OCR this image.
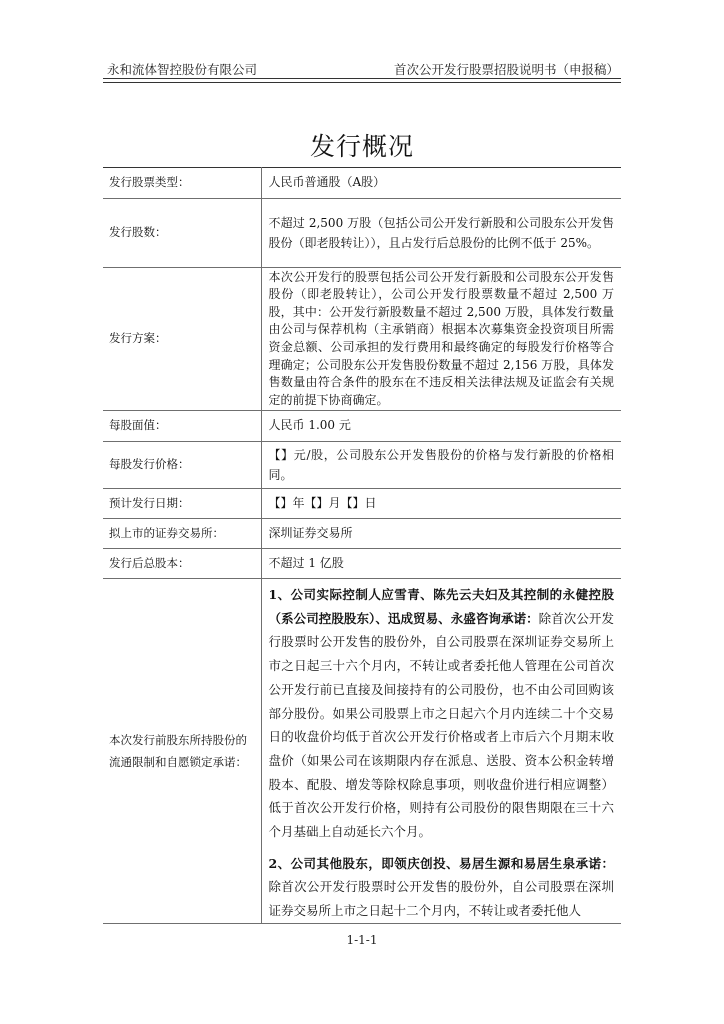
永和流体智控股份有限公司	首次公开发行股票招股说明书（申报稿）
发行概况
发行股票类型：	人民币普通股（A股）
发行股数：	不超过 2,500 万股（包括公司公开发行新股和公司股东公开发售股份（即老股转让）），且占发行后总股份的比例不低于 25%。
发行方案：	本次公开发行的股票包括公司公开发行新股和公司股东公开发售股份（即老股转让），公司公开发行股票数量不超过 2,500 万股，其中：公开发行新股数量不超过 2,500 万股，具体发行数量由公司与保荐机构（主承销商）根据本次募集资金投资项目所需资金总额、公司承担的发行费用和最终确定的每股发行价格等合理确定；公司股东公开发售股份数量不超过 2,156 万股，具体发售数量由符合条件的股东在不违反相关法律法规及证监会有关规定的前提下协商确定。
每股面值：	人民币 1.00 元
每股发行价格：	【】元/股，公司股东公开发售股份的价格与发行新股的价格相同。
预计发行日期：	【】年【】月【】日
拟上市的证券交易所：	深圳证券交易所
发行后总股本：	不超过 1 亿股
本次发行前股东所持股份的流通限制和自愿锁定承诺：	1、公司实际控制人应雪青、陈先云夫妇及其控制的永健控股（系公司控股股东）、迅成贸易、永盛咨询承诺：除首次公开发行股票时公开发售的股份外，自公司股票在深圳证券交易所上市之日起三十六个月内，不转让或者委托他人管理在公司首次公开发行前已直接及间接持有的公司股份，也不由公司回购该部分股份。如果公司股票上市之日起六个月内连续二十个交易日的收盘价均低于首次公开发行价格或者上市后六个月期末收盘价（如果公司在该期限内存在派息、送股、资本公积金转增股本、配股、增发等除权除息事项，则收盘价进行相应调整）低于首次公开发行价格，则持有公司股份的限售期限在三十六个月基础上自动延长六个月。

2、公司其他股东，即领庆创投、易居生源和易居生泉承诺：除首次公开发行股票时公开发售的股份外，自公司股票在深圳证券交易所上市之日起十二个月内，不转让或者委托他人

1-1-1
